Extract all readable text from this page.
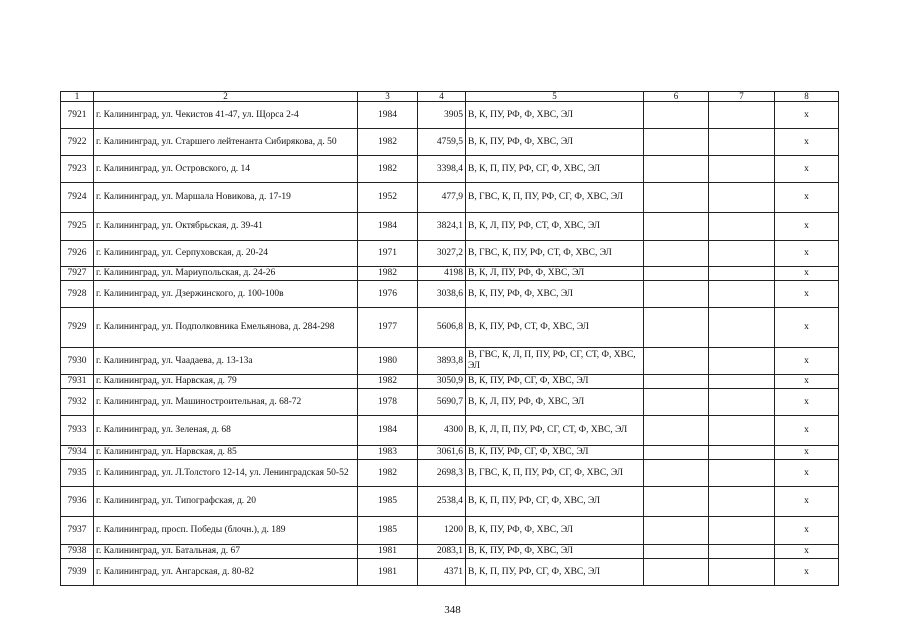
1	2	3	4	5	6	7	8
7921	г. Калининград, ул. Чекистов 41-47, ул. Щорса 2-4	1984	3905	В, К, ПУ, РФ, Ф, ХВС, ЭЛ			x
7922	г. Калининград, ул. Старшего лейтенанта Сибирякова, д. 50	1982	4759,5	В, К, ПУ, РФ, Ф, ХВС, ЭЛ			x
7923	г. Калининград, ул. Островского, д. 14	1982	3398,4	В, К, П, ПУ, РФ, СГ, Ф, ХВС, ЭЛ			x
7924	г. Калининград, ул. Маршала Новикова, д. 17-19	1952	477,9	В, ГВС, К, П, ПУ, РФ, СГ, Ф, ХВС, ЭЛ			x
7925	г. Калининград, ул. Октябрьская, д. 39-41	1984	3824,1	В, К, Л, ПУ, РФ, СТ, Ф, ХВС, ЭЛ			x
7926	г. Калининград, ул. Серпуховская, д. 20-24	1971	3027,2	В, ГВС, К, ПУ, РФ, СТ, Ф, ХВС, ЭЛ			x
7927	г. Калининград, ул. Мариупольская, д. 24-26	1982	4198	В, К, Л, ПУ, РФ, Ф, ХВС, ЭЛ			x
7928	г. Калининград, ул. Дзержинского, д. 100-100в	1976	3038,6	В, К, ПУ, РФ, Ф, ХВС, ЭЛ			x
7929	г. Калининград, ул. Подполковника Емельянова, д. 284-298	1977	5606,8	В, К, ПУ, РФ, СТ, Ф, ХВС, ЭЛ			x
7930	г. Калининград, ул. Чаадаева, д. 13-13а	1980	3893,8	В, ГВС, К, Л, П, ПУ, РФ, СГ, СТ, Ф, ХВС, ЭЛ			x
7931	г. Калининград, ул. Нарвская, д. 79	1982	3050,9	В, К, ПУ, РФ, СГ, Ф, ХВС, ЭЛ			x
7932	г. Калининград, ул. Машиностроительная, д. 68-72	1978	5690,7	В, К, Л, ПУ, РФ, Ф, ХВС, ЭЛ			x
7933	г. Калининград, ул. Зеленая, д. 68	1984	4300	В, К, Л, П, ПУ, РФ, СГ, СТ, Ф, ХВС, ЭЛ			x
7934	г. Калининград, ул. Нарвская, д. 85	1983	3061,6	В, К, ПУ, РФ, СГ, Ф, ХВС, ЭЛ			x
7935	г. Калининград, ул. Л.Толстого 12-14, ул. Ленинградская 50-52	1982	2698,3	В, ГВС, К, П, ПУ, РФ, СГ, Ф, ХВС, ЭЛ			x
7936	г. Калининград, ул. Типографская, д. 20	1985	2538,4	В, К, П, ПУ, РФ, СГ, Ф, ХВС, ЭЛ			x
7937	г. Калининград, просп. Победы (блочн.), д. 189	1985	1200	В, К, ПУ, РФ, Ф, ХВС, ЭЛ			x
7938	г. Калининград, ул. Батальная, д. 67	1981	2083,1	В, К, ПУ, РФ, Ф, ХВС, ЭЛ			x
7939	г. Калининград, ул. Ангарская, д. 80-82	1981	4371	В, К, П, ПУ, РФ, СГ, Ф, ХВС, ЭЛ			x
348
